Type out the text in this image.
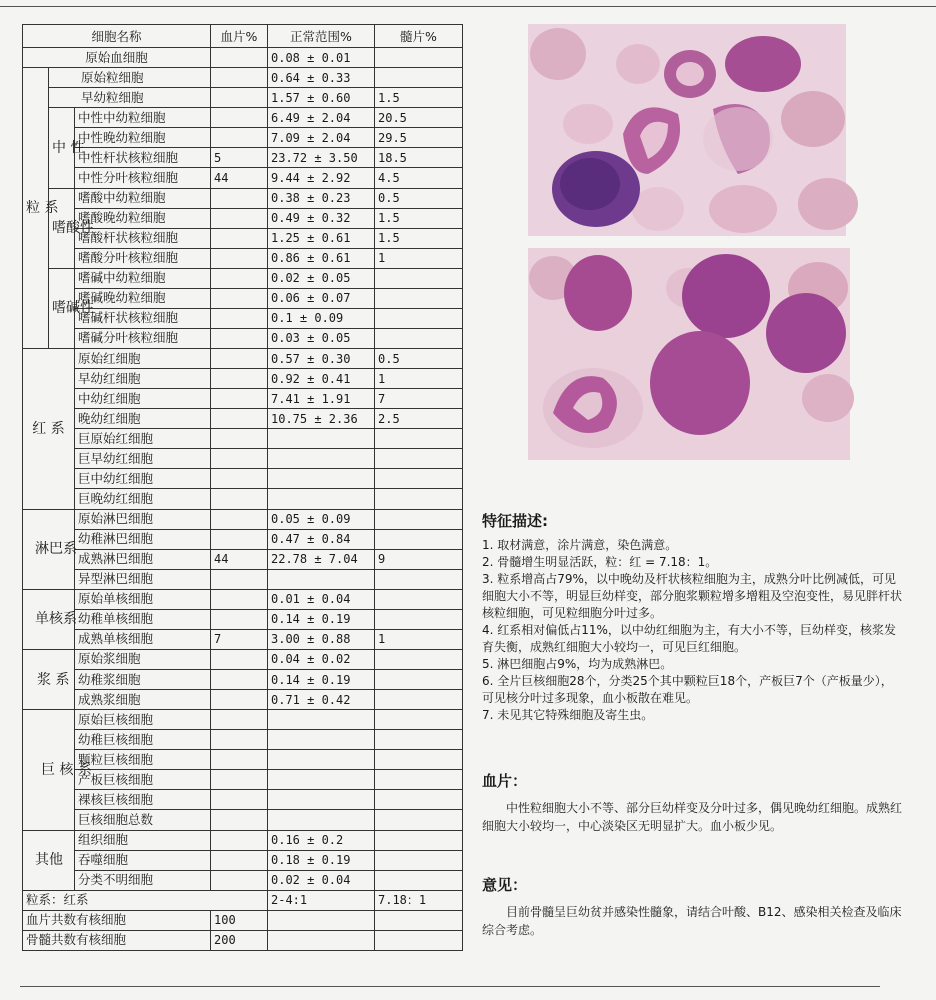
细胞名称			血片%	正常范围%	髓片%
原始血细胞				0.08 ± 0.01	
粒 系	原始粒细胞			0.64 ± 0.33	
	早幼粒细胞			1.57 ± 0.60	1.5
	中 性	中性中幼粒细胞		6.49 ± 2.04	20.5
		中性晚幼粒细胞		7.09 ± 2.04	29.5
		中性杆状核粒细胞	5	23.72 ± 3.50	18.5
		中性分叶核粒细胞	44	9.44 ± 2.92	4.5
	嗜酸性	嗜酸中幼粒细胞		0.38 ± 0.23	0.5
		嗜酸晚幼粒细胞		0.49 ± 0.32	1.5
		嗜酸杆状核粒细胞		1.25 ± 0.61	1.5
		嗜酸分叶核粒细胞		0.86 ± 0.61	1
	嗜碱性	嗜碱中幼粒细胞		0.02 ± 0.05	
		嗜碱晚幼粒细胞		0.06 ± 0.07	
		嗜碱杆状核粒细胞		0.1 ± 0.09	
		嗜碱分叶核粒细胞		0.03 ± 0.05	
红 系		原始红细胞		0.57 ± 0.30	0.5
		早幼红细胞		0.92 ± 0.41	1
		中幼红细胞		7.41 ± 1.91	7
		晚幼红细胞		10.75 ± 2.36	2.5
		巨原始红细胞			
		巨早幼红细胞			
		巨中幼红细胞			
		巨晚幼红细胞			
淋巴系		原始淋巴细胞		0.05 ± 0.09	
		幼稚淋巴细胞		0.47 ± 0.84	
		成熟淋巴细胞	44	22.78 ± 7.04	9
		异型淋巴细胞			
单核系		原始单核细胞		0.01 ± 0.04	
		幼稚单核细胞		0.14 ± 0.19	
		成熟单核细胞	7	3.00 ± 0.88	1
浆 系		原始浆细胞		0.04 ± 0.02	
		幼稚浆细胞		0.14 ± 0.19	
		成熟浆细胞		0.71 ± 0.42	
巨 核 系		原始巨核细胞			
		幼稚巨核细胞			
		颗粒巨核细胞			
		产板巨核细胞			
		裸核巨核细胞			
		巨核细胞总数			
其他		组织细胞		0.16 ± 0.2	
		吞噬细胞		0.18 ± 0.19	
		分类不明细胞		0.02 ± 0.04	
粒系：红系				2-4:1	7.18：1
血片共数有核细胞			100		
骨髓共数有核细胞			200		
特征描述:
1. 取材满意，涂片满意，染色满意。
2. 骨髓增生明显活跃，粒：红 = 7.18：1。
3. 粒系增高占79%，以中晚幼及杆状核粒细胞为主，成熟分叶比例减低，可见细胞大小不等，明显巨幼样变，部分胞浆颗粒增多增粗及空泡变性，易见胖杆状核粒细胞，可见粒细胞分叶过多。
4. 红系相对偏低占11%，以中幼红细胞为主，有大小不等，巨幼样变，核浆发育失衡，成熟红细胞大小较均一，可见巨红细胞。
5. 淋巴细胞占9%，均为成熟淋巴。
6. 全片巨核细胞28个，分类25个其中颗粒巨18个，产板巨7个（产板量少），可见核分叶过多现象，血小板散在难见。
7. 未见其它特殊细胞及寄生虫。
血片：

中性粒细胞大小不等、部分巨幼样变及分叶过多，偶见晚幼红细胞。成熟红细胞大小较均一，中心淡染区无明显扩大。血小板少见。

意见：

目前骨髓呈巨幼贫并感染性髓象，请结合叶酸、B12、感染相关检查及临床综合考虑。
